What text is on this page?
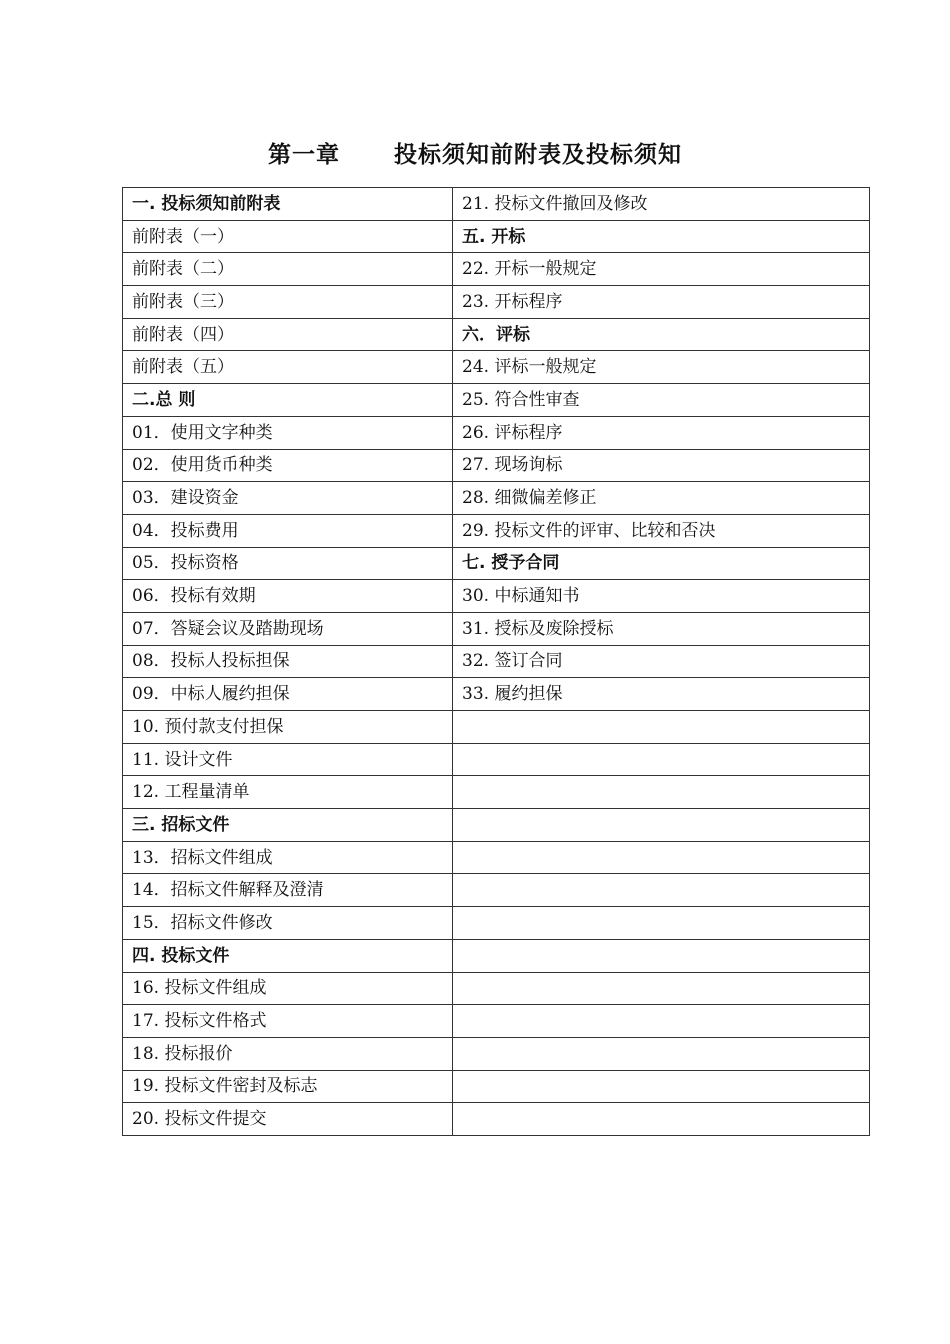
第一章      投标须知前附表及投标须知
一. 投标须知前附表	21. 投标文件撤回及修改
前附表（一）	五. 开标
前附表（二）	22. 开标一般规定
前附表（三）	23. 开标程序
前附表（四）	六．评标
前附表（五）	24. 评标一般规定
二.总 则	25. 符合性审查
01．使用文字种类	26. 评标程序
02．使用货币种类	27. 现场询标
03．建设资金	28. 细微偏差修正
04．投标费用	29. 投标文件的评审、比较和否决
05．投标资格	七. 授予合同
06．投标有效期	30. 中标通知书
07．答疑会议及踏勘现场	31. 授标及废除授标
08．投标人投标担保	32. 签订合同
09．中标人履约担保	33. 履约担保
10. 预付款支付担保	
11. 设计文件	
12. 工程量清单	
三. 招标文件	
13．招标文件组成	
14．招标文件解释及澄清	
15．招标文件修改	
四. 投标文件	
16. 投标文件组成	
17. 投标文件格式	
18. 投标报价	
19. 投标文件密封及标志	
20. 投标文件提交	
